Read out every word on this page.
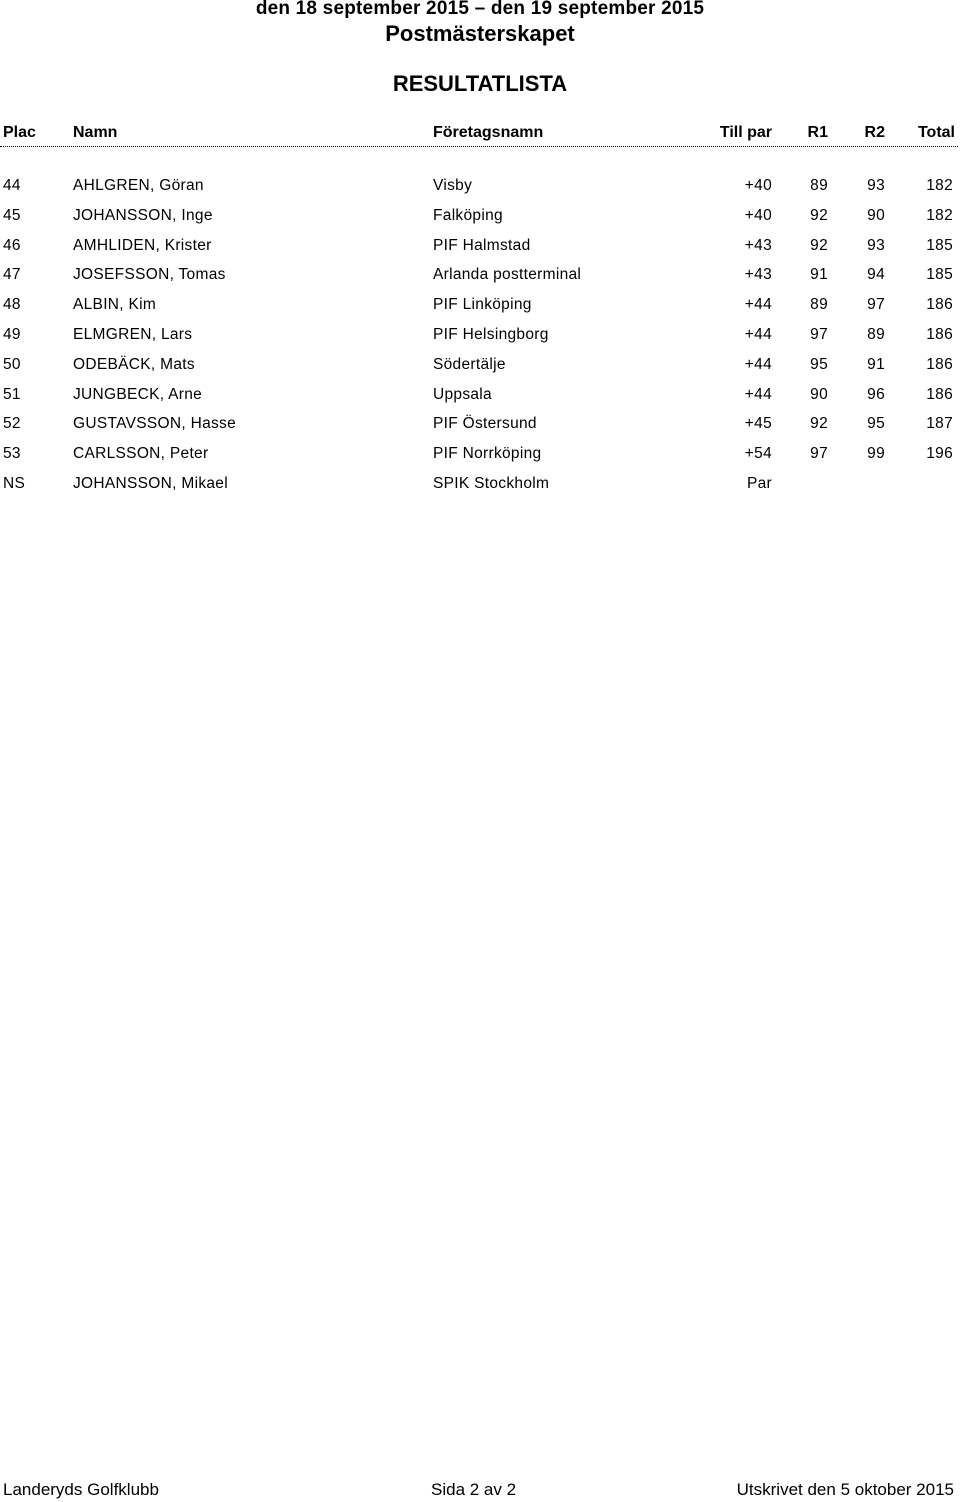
den 18 september 2015 – den 19 september 2015
Postmästerskapet
RESULTATLISTA
Plac Namn	Företagsnamn	Till par R1 R2 Total
44	AHLGREN, Göran	Visby	+40 89	93	182
45	JOHANSSON, Inge	Falköping	+40 92	90	182
46	AMHLIDEN, Krister	PIF Halmstad	+43 92	93	185
47	JOSEFSSON, Tomas	Arlanda postterminal	+43 91	94	185
48	ALBIN, Kim	PIF Linköping	+44 89	97	186
49	ELMGREN, Lars	PIF Helsingborg	+44 97	89	186
50	ODEBÄCK, Mats	Södertälje	+44 95	91	186
51	JUNGBECK, Arne	Uppsala	+44 90	96	186
52	GUSTAVSSON, Hasse	PIF Östersund	+45 92	95	187
53	CARLSSON, Peter	PIF Norrköping	+54 97	99	196
NS	JOHANSSON, Mikael	SPIK Stockholm	Par
Landeryds Golfklubb	Sida 2 av 2	Utskrivet den 5 oktober 2015
